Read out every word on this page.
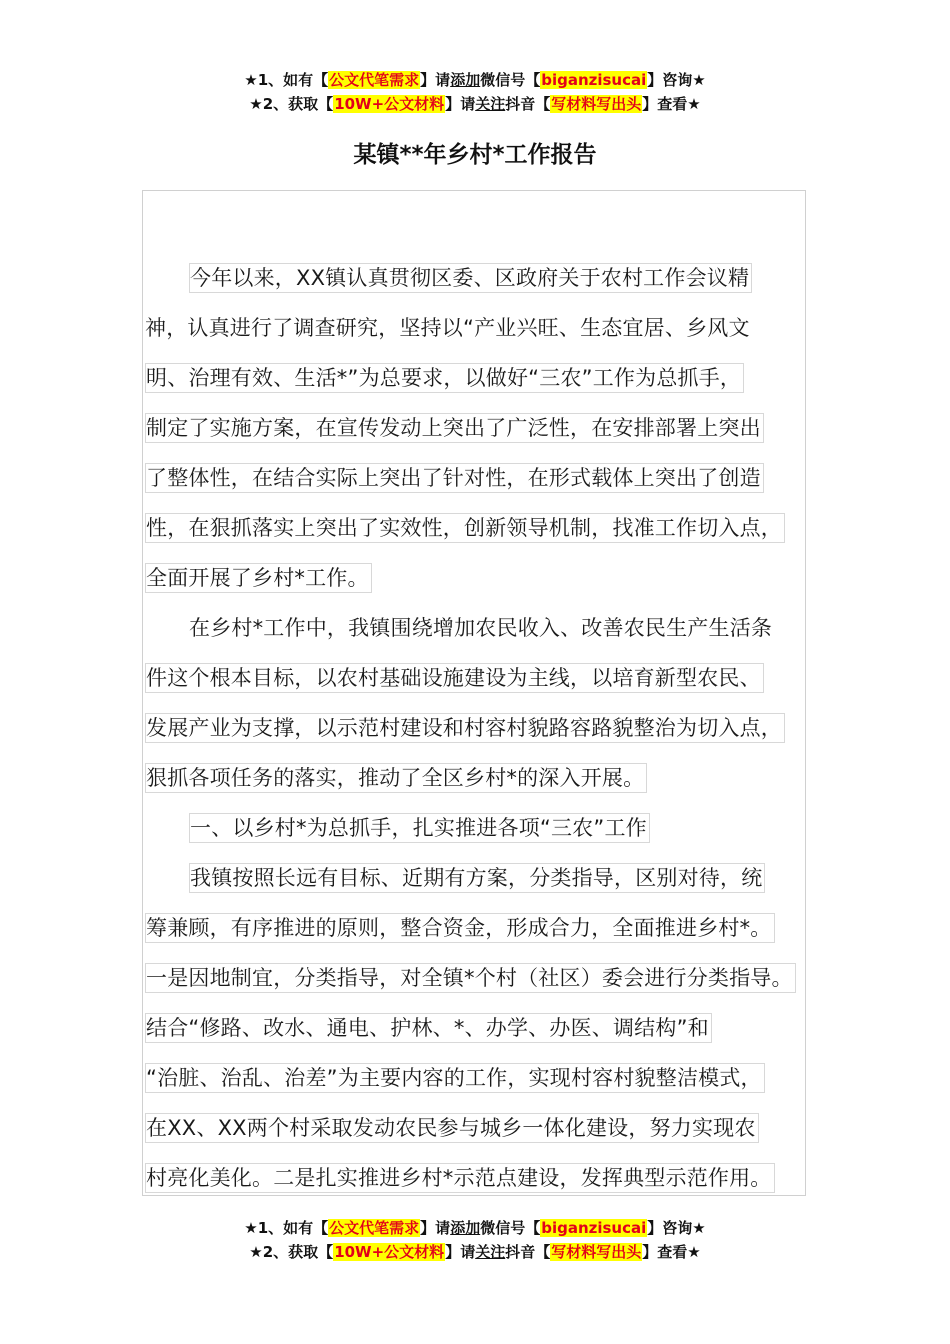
★1、如有【公文代笔需求】请添加微信号【biganzisucai】咨询★
★2、获取【10W+公文材料】请关注抖音【写材料写出头】查看★
某镇**年乡村*工作报告
今年以来，XX镇认真贯彻区委、区政府关于农村工作会议精
神，认真进行了调查研究，坚持以“产业兴旺、生态宜居、乡风文
明、治理有效、生活*”为总要求，以做好“三农”工作为总抓手，
制定了实施方案，在宣传发动上突出了广泛性，在安排部署上突出
了整体性，在结合实际上突出了针对性，在形式载体上突出了创造
性，在狠抓落实上突出了实效性，创新领导机制，找准工作切入点，
全面开展了乡村*工作。
在乡村*工作中，我镇围绕增加农民收入、改善农民生产生活条
件这个根本目标，以农村基础设施建设为主线，以培育新型农民、
发展产业为支撑，以示范村建设和村容村貌路容路貌整治为切入点，
狠抓各项任务的落实，推动了全区乡村*的深入开展。
一、以乡村*为总抓手，扎实推进各项“三农”工作
我镇按照长远有目标、近期有方案，分类指导，区别对待，统
筹兼顾，有序推进的原则，整合资金，形成合力，全面推进乡村*。
一是因地制宜，分类指导，对全镇*个村（社区）委会进行分类指导。
结合“修路、改水、通电、护林、*、办学、办医、调结构”和
“治脏、治乱、治差”为主要内容的工作，实现村容村貌整洁模式，
在XX、XX两个村采取发动农民参与城乡一体化建设，努力实现农
村亮化美化。二是扎实推进乡村*示范点建设，发挥典型示范作用。
★1、如有【公文代笔需求】请添加微信号【biganzisucai】咨询★
★2、获取【10W+公文材料】请关注抖音【写材料写出头】查看★
